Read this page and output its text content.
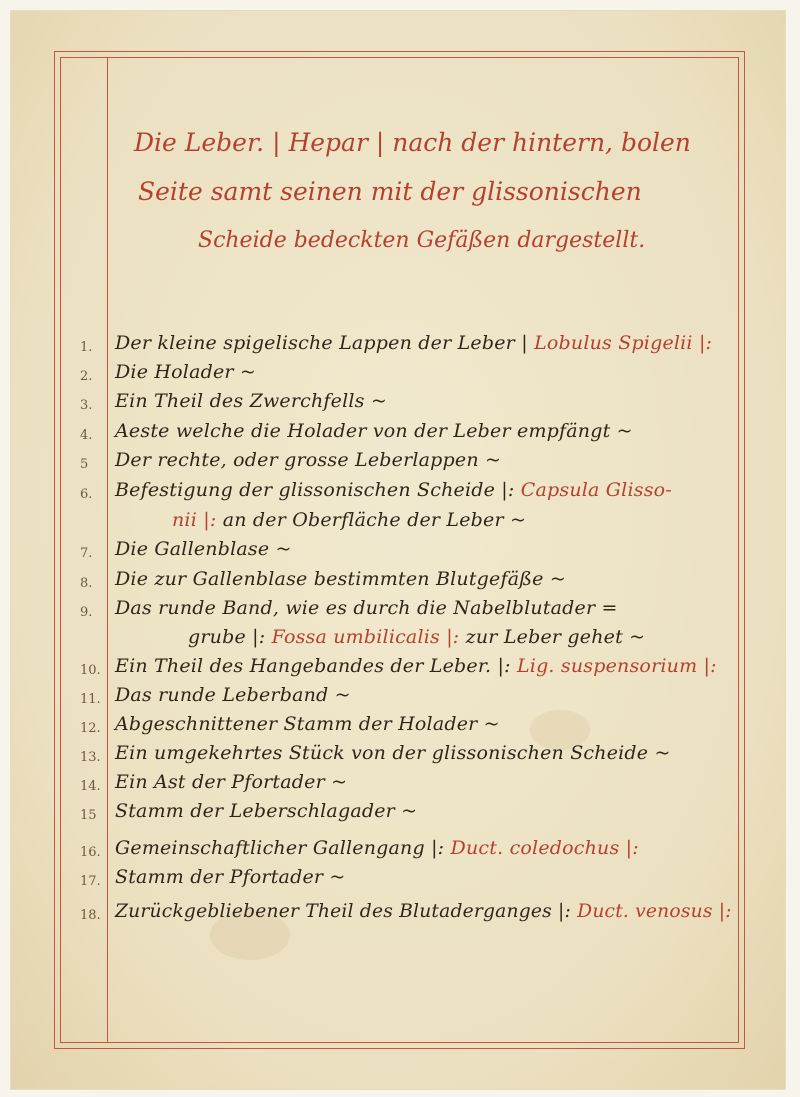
Die Leber. | Hepar | nach der hintern, bolen
Seite samt seinen mit der glissonischen
Scheide bedeckten Gefäßen dargestellt.
1.	Der kleine spigelische Lappen der Leber | Lobulus Spigelii |:
2.	Die Holader ~
3.	Ein Theil des Zwerchfells ~
4.	Aeste welche die Holader von der Leber empfängt ~
5	Der rechte, oder grosse Leberlappen ~
6.	Befestigung der glissonischen Scheide |: Capsula Glisso-
nii |: an der Oberfläche der Leber ~
7.	Die Gallenblase ~
8.	Die zur Gallenblase bestimmten Blutgefäße ~
9.	Das runde Band, wie es durch die Nabelblutader =
grube |: Fossa umbilicalis |: zur Leber gehet ~
10. Ein Theil des Hangebandes der Leber. |: Lig. suspensorium |:
11. Das runde Leberband ~
12. Abgeschnittener Stamm der Holader ~
13. Ein umgekehrtes Stück von der glissonischen Scheide ~
14. Ein Ast der Pfortader ~
15 Stamm der Leberschlagader ~
16. Gemeinschaftlicher Gallengang |: Duct. coledochus |:
17. Stamm der Pfortader ~
18. Zurückgebliebener Theil des Blutaderganges |: Duct. venosus |:
